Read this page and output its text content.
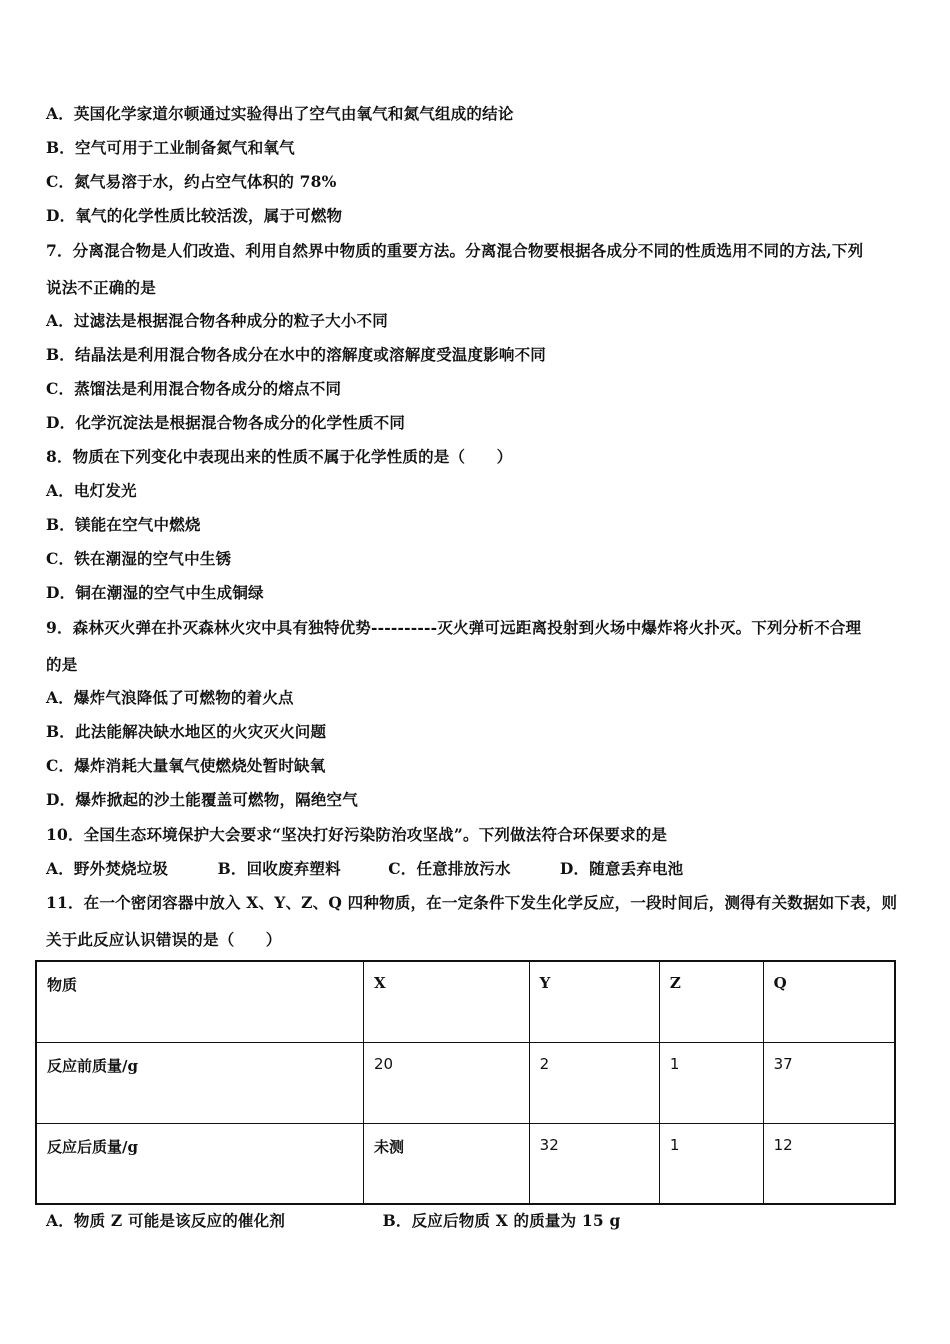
A．英国化学家道尔顿通过实验得出了空气由氧气和氮气组成的结论
B．空气可用于工业制备氮气和氧气
C．氮气易溶于水，约占空气体积的 78%
D．氧气的化学性质比较活泼，属于可燃物
7．分离混合物是人们改造、利用自然界中物质的重要方法。分离混合物要根据各成分不同的性质选用不同的方法,下列
说法不正确的是
A．过滤法是根据混合物各种成分的粒子大小不同
B．结晶法是利用混合物各成分在水中的溶解度或溶解度受温度影响不同
C．蒸馏法是利用混合物各成分的熔点不同
D．化学沉淀法是根据混合物各成分的化学性质不同
8．物质在下列变化中表现出来的性质不属于化学性质的是（　　）
A．电灯发光
B．镁能在空气中燃烧
C．铁在潮湿的空气中生锈
D．铜在潮湿的空气中生成铜绿
9．森林灭火弹在扑灭森林火灾中具有独特优势----------灭火弹可远距离投射到火场中爆炸将火扑灭。下列分析不合理
的是
A．爆炸气浪降低了可燃物的着火点
B．此法能解决缺水地区的火灾灭火问题
C．爆炸消耗大量氧气使燃烧处暂时缺氧
D．爆炸掀起的沙土能覆盖可燃物，隔绝空气
10．全国生态环境保护大会要求“坚决打好污染防治攻坚战”。下列做法符合环保要求的是
A．野外焚烧垃圾	B．回收废弃塑料	C．任意排放污水	D．随意丢弃电池
11．在一个密闭容器中放入 X、Y、Z、Q 四种物质，在一定条件下发生化学反应，一段时间后，测得有关数据如下表，则
关于此反应认识错误的是（　　）
物质	X	Y	Z	Q
反应前质量/g	20	2	1	37
反应后质量/g	未测	32	1	12
A．物质 Z 可能是该反应的催化剂	B．反应后物质 X 的质量为 15 g
